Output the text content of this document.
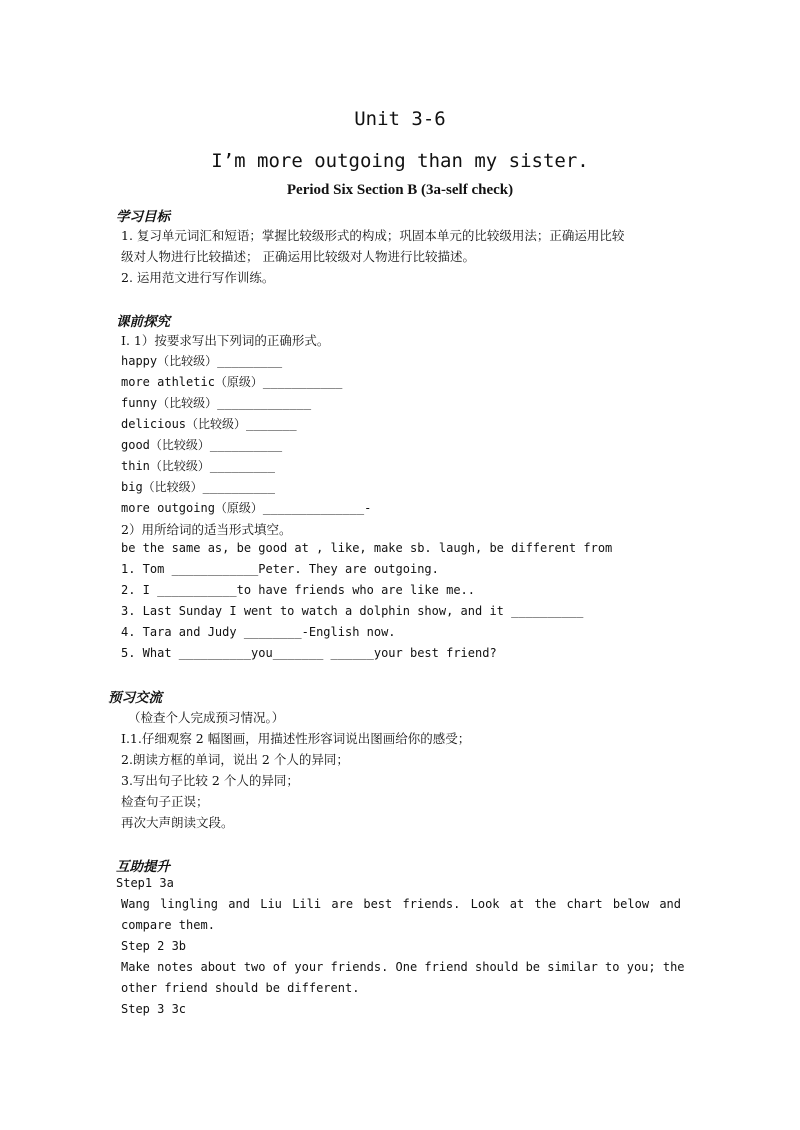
Unit 3-6
I’m more outgoing than my sister.
Period Six Section B (3a-self check)
学习目标
1. 复习单元词汇和短语；掌握比较级形式的构成；巩固本单元的比较级用法；正确运用比较
级对人物进行比较描述； 正确运用比较级对人物进行比较描述。
2. 运用范文进行写作训练。
课前探究
I. 1）按要求写出下列词的正确形式。
happy（比较级）_________
more athletic（原级）___________
funny（比较级）_____________
delicious（比较级）_______
good（比较级）__________
thin（比较级）_________
big（比较级）__________
more outgoing（原级）______________-
2）用所给词的适当形式填空。
be the same as, be good at , like, make sb. laugh, be different from
1. Tom ____________Peter. They are outgoing.
2. I ___________to have friends who are like me..
3. Last Sunday I went to watch a dolphin show, and it __________
4. Tara and Judy ________-English now.
5. What __________you_______ ______your best friend?
预习交流
（检查个人完成预习情况。）
I.1.仔细观察 2 幅图画，用描述性形容词说出图画给你的感受；
2.朗读方框的单词，说出 2 个人的异同；
3.写出句子比较 2 个人的异同；
检查句子正误；
再次大声朗读文段。
互助提升
Step1 3a
Wang lingling and Liu Lili are best friends. Look at the chart below and
compare them.
Step 2 3b
Make notes about two of your friends. One friend should be similar to you; the
other friend should be different.
Step 3 3c
